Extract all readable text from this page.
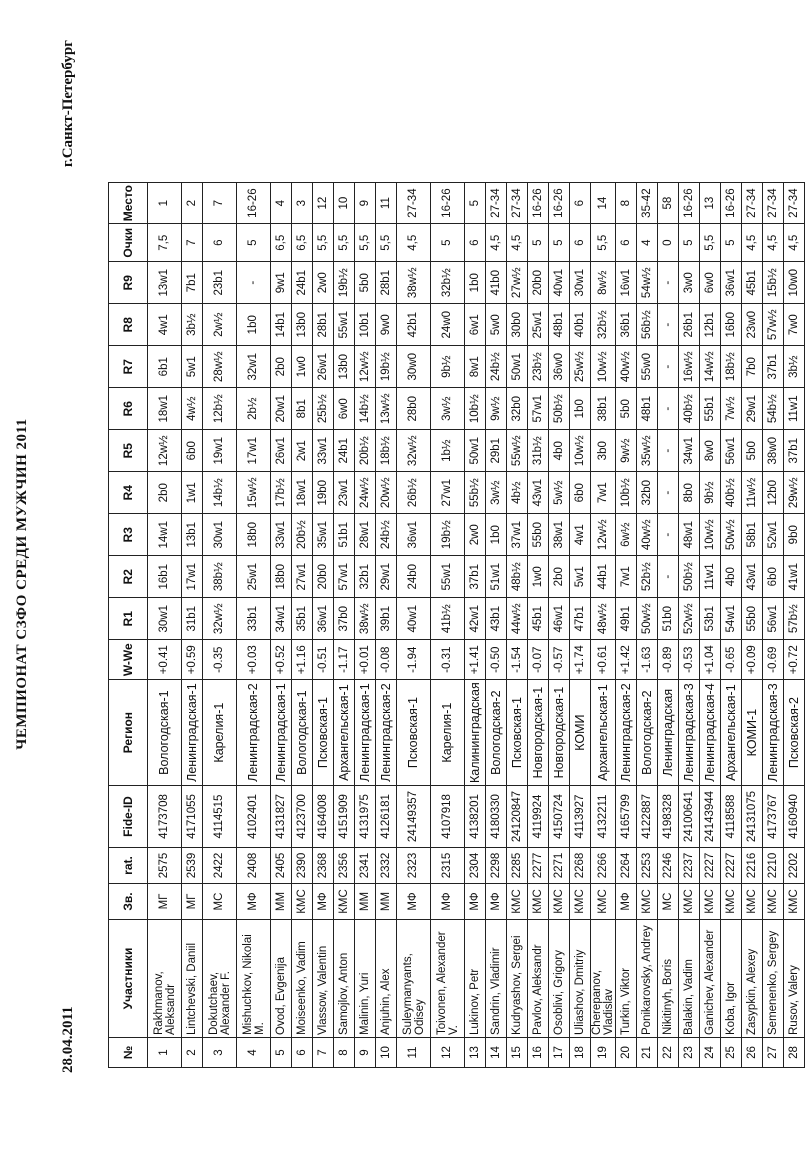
ЧЕМПИОНАТ СЗФО СРЕДИ МУЖЧИН 2011
28.04.2011
г.Санкт-Петербург
№	Участники	Зв.	rat.	Fide-ID	Регион	W-We	R1	R2	R3	R4	R5	R6	R7	R8	R9	Очки	Место
1	Rakhmanov, Aleksandr	МГ	2575	4173708	Вологодская-1	+0.41	30w1	16b1	14w1	2b0	12w½	18w1	6b1	4w1	13w1	7,5	1
2	Lintchevski, Daniil	МГ	2539	4171055	Ленинградская-1	+0.59	31b1	17w1	13b1	1w1	6b0	4w½	5w1	3b½	7b1	7	2
3	Dokutchaev, Alexander F.	МС	2422	4114515	Карелия-1	-0.35	32w½	38b½	30w1	14b½	19w1	12b½	28w½	2w½	23b1	6	7
4	Mishuchkov, Nikolai M.	МФ	2408	4102401	Ленинградская-2	+0.03	33b1	25w1	18b0	15w½	17w1	2b½	32w1	1b0	-	5	16-26
5	Ovod, Evgenija	ММ	2405	4131827	Ленинградская-1	+0.52	34w1	18b0	33w1	17b½	26w1	20w1	2b0	14b1	9w1	6,5	4
6	Moiseenko, Vadim	КМС	2390	4123700	Вологодская-1	+1.16	35b1	27w1	20b½	18w1	2w1	8b1	1w0	13b0	24b1	6,5	3
7	Vlassow, Valentin	МФ	2368	4164008	Псковская-1	-0.51	36w1	20b0	35w1	19b0	33w1	25b½	26w1	28b1	2w0	5,5	12
8	Samojlov, Anton	КМС	2356	4151909	Архангельская-1	-1.17	37b0	57w1	51b1	23w1	24b1	6w0	13b0	55w1	19b½	5,5	10
9	Malinin, Yuri	ММ	2341	4131975	Ленинградская-1	+0.01	38w½	32b1	28w1	24w½	20b½	14b½	12w½	10b1	5b0	5,5	9
10	Anjuhin, Alex	ММ	2332	4126181	Ленинградская-2	-0.08	39b1	29w1	24b½	20w½	18b½	13w½	19b½	9w0	28b1	5,5	11
11	Suleymanyants, Odisey	МФ	2323	24149357	Псковская-1	-1.94	40w1	24b0	36w1	26b½	32w½	28b0	30w0	42b1	38w½	4,5	27-34
12	Toivonen, Alexander V.	МФ	2315	4107918	Карелия-1	-0.31	41b½	55w1	19b½	27w1	1b½	3w½	9b½	24w0	32b½	5	16-26
13	Lukinov, Petr	МФ	2304	4138201	Калининградская	+1.41	42w1	37b1	2w0	55b½	50w1	10b½	8w1	6w1	1b0	6	5
14	Sandrin, Vladimir	МФ	2298	4180330	Вологодская-2	-0.50	43b1	51w1	1b0	3w½	29b1	9w½	24b½	5w0	41b0	4,5	27-34
15	Kudryashov, Sergei	КМС	2285	24120847	Псковская-1	-1.54	44w½	48b½	37w1	4b½	55w½	32b0	50w1	30b0	27w½	4,5	27-34
16	Pavlov, Aleksandr	КМС	2277	4119924	Новгородская-1	-0.07	45b1	1w0	55b0	43w1	31b½	57w1	23b½	25w1	20b0	5	16-26
17	Osoblivi, Grigory	КМС	2271	4150724	Новгородская-1	-0.57	46w1	2b0	38w1	5w½	4b0	50b½	36w0	48b1	40w1	5	16-26
18	Uliashov, Dmitriy	КМС	2268	4113927	КОМИ	+1.74	47b1	5w1	4w1	6b0	10w½	1b0	25w½	40b1	30w1	6	6
19	Cherepanov, Vladislav	КМС	2266	4132211	Архангельская-1	+0.61	48w½	44b1	12w½	7w1	3b0	38b1	10w½	32b½	8w½	5,5	14
20	Turkin, Viktor	МФ	2264	4165799	Ленинградская-2	+1.42	49b1	7w1	6w½	10b½	9w½	5b0	40w½	36b1	16w1	6	8
21	Ponikarovsky, Andrey	КМС	2253	4122887	Вологодская-2	-1.63	50w½	52b½	40w½	32b0	35w½	48b1	55w0	56b½	54w½	4	35-42
22	Nikitinyh, Boris	МС	2246	4198328	Ленинградская	-0.89	51b0	-	-	-	-	-	-	-	-	0	58
23	Balakin, Vadim	КМС	2237	24100641	Ленинградская-3	-0.53	52w½	50b½	48w1	8b0	34w1	40b½	16w½	26b1	3w0	5	16-26
24	Ganichev, Alexander	КМС	2227	24143944	Ленинградская-4	+1.04	53b1	11w1	10w½	9b½	8w0	55b1	14w½	12b1	6w0	5,5	13
25	Koba, Igor	КМС	2227	4118588	Архангельская-1	-0.65	54w1	4b0	50w½	40b½	56w1	7w½	18b½	16b0	36w1	5	16-26
26	Zasypkin, Alexey	КМС	2216	24131075	КОМИ-1	+0.09	55b0	43w1	58b1	11w½	5b0	29w1	7b0	23w0	45b1	4,5	27-34
27	Semenenko, Sergey	КМС	2210	4173767	Ленинградская-3	-0.69	56w1	6b0	52w1	12b0	38w0	54b½	37b1	57w½	15b½	4,5	27-34
28	Rusov, Valery	КМС	2202	4160940	Псковская-2	+0.72	57b½	41w1	9b0	29w½	37b1	11w1	3b½	7w0	10w0	4,5	27-34
